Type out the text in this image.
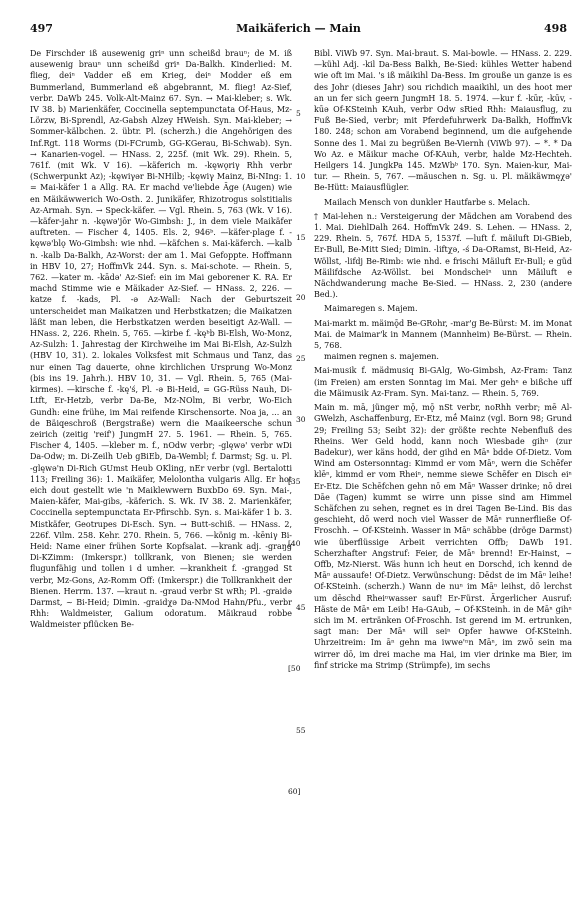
497	Maikäferich — Main	498

De Firschder iß ausewenig griⁿ unn scheißd brauⁿ; de M. iß ausewenig brauⁿ unn scheißd griⁿ Da-Balkh. Kinderlied: M. flieg, deiⁿ Vadder eß em Krieg, deiⁿ Modder eß em Bummerland, Bummerland eß abgebrannt, M. flieg! Az-Sief, verbr. DaWb 245. Volk-Alt-Mainz 67. Syn. → Mai-kleber; s. Wk. IV 38. b) Marienkäfer, Coccinella septempunctata Of-Haus, Mz-Lörzw, Bi-Sprendl, Az-Gabsh Alzey HWeish. Syn. Mai-kleber; → Sommer-kälbchen. 2. übtr. Pl. (scherzh.) die Angehörigen des Inf.Rgt. 118 Worms (Di-FCrumb, GG-KGerau, Bi-Schwab). Syn. → Kanarien-vogel. — HNass. 2, 225f. (mit Wk. 29). Rhein. 5, 761f. (mit Wk. V 16). —käferich m. -kęwǫriγ Rhh verbr (Schwerpunkt Az); -kęwiγǝr Bi-NHilb; -kęwiγ Mainz, Bi-NIng: 1. = Mai-käfer 1 a Allg. RA. Er machd ve'liebde Äge (Augen) wie en Mäikäwwerich Wo-Osth. 2. Junikäfer, Rhizotrogus solstitialis Az-Armah. Syn. → Speck-käfer. — Vgl. Rhein. 5, 763 (Wk. V 16). —käfer-jahr n. -kęwǝ'jōr Wo-Gimbsh: J., in dem viele Maikäfer auftreten. — Fischer 4, 1405. Els. 2, 946ᵇ. —käfer-plage f. -kęwǝ'blǫ Wo-Gimbsh: wie nhd. —käfchen s. Mai-käferch. —kalb n. -kalb Da-Balkh, Az-Worst: der am 1. Mai Gefoppte. Hoffmann in HBV 10, 27; HoffmVk 244. Syn. s. Mai-schote. — Rhein. 5, 762. —kater m. -kādǝ' Az-Sief: ein im Mai geborener K. RA. Er machd Stimme wie e Mäikader Az-Sief. — HNass. 2, 226. —katze f. -kads, Pl. -ǝ Az-Wall: Nach der Geburtszeit unterscheidet man Maikatzen und Herbstkatzen; die Maikatzen läßt man leben, die Herbstkatzen werden beseitigt Az-Wall. — HNass. 2, 226. Rhein. 5, 765. —kirbe f. -kęᵇb Bi-Elsh, Wo-Monz, Az-Sulzh: 1. Jahrestag der Kirchweihe im Mai Bi-Elsh, Az-Sulzh (HBV 10, 31). 2. lokales Volksfest mit Schmaus und Tanz, das nur einen Tag dauerte, ohne kirchlichen Ursprung Wo-Monz (bis ins 19. Jahrh.). HBV 10, 31. — Vgl. Rhein. 5, 765 (Mai-kirmes). —kirsche f. -kę'ś, Pl. -ǝ Bi-Heid, = GG-Rüss Nauh, Di-Ltft, Er-Hetzb, verbr Da-Be, Mz-NOlm, Bi verbr, Wo-Eich Gundh: eine frühe, im Mai reifende Kirschensorte. Noa ja, ... an de Bäiqeschroß (Bergstraße) wern die Maaikeersche schun zeirich (zeitig 'reif') JungmH 27. 5. 1961. — Rhein. 5, 765. Fischer 4, 1405. —kleber m. f., nOdw verbr; -glęwǝ' verbr wDi Da-Odw; m. Di-Zeilh Ueb gBiEb, Da-Wembl; f. Darmst; Sg. u. Pl. -glęwǝ'n Di-Rich GUmst Heub OKling, nEr verbr (vgl. Bertalotti 113; Freiling 36): 1. Maikäfer, Melolontha vulgaris Allg. Er hot eich dout gestellt wie 'n Maiklewwern BuxbDo 69. Syn. Mai-, Maien-käfer, Mai-gibs, -käferich. S. Wk. IV 38. 2. Marienkäfer, Coccinella septempunctata Er-Pfirschb. Syn. s. Mai-käfer 1 b. 3. Mistkäfer, Geotrupes Di-Esch. Syn. → Butt-schiß. — HNass. 2, 226f. Vilm. 258. Kehr. 270. Rhein. 5, 766. —könig m. -kēniγ Bi-Heid: Name einer frühen Sorte Kopfsalat. —krank adj. -graŋg Di-KZimm: (Imkerspr.) tollkrank, von Bienen; sie werden flugunfähig und tollen i d umher. —krankheit f. -graŋgǝd St verbr, Mz-Gons, Az-Romm Off: (Imkerspr.) die Tollkrankheit der Bienen. Herrm. 137. —kraut n. -graud verbr St wRh; Pl. -graidǝ Darmst, ~ Bi-Heid; Dimin. -graidχǝ Da-NMod Hahn/Pfu., verbr Rhh: Waldmeister, Galium odoratum. Mäikraud robbe Waldmeister pflücken Be-

5
10
15
20
25
30
[35
[40
45
[50
55
60]

Bibl. ViWb 97. Syn. Mai-braut. S. Mai-bowle. — HNass. 2. 229. —kühl Adj. -kil Da-Bess Balkh, Be-Sied: kühles Wetter habend wie oft im Mai. 's iß mäikihl Da-Bess. Im grouße un ganze is es des Johr (dieses Jahr) sou richdich maaikihl, un des hoot mer an un fer sich geern JungmH 18. 5. 1974. —kur f. -kūr, -kūv, -kūǝ Of-KSteinh KAuh, verbr Odw sRied Rhh: Maiausflug, zu Fuß Be-Sied, verbr; mit Pferdefuhrwerk Da-Balkh, HoffmVk 180. 248; schon am Vorabend beginnend, um die aufgehende Sonne des 1. Mai zu begrüßen Be-Viernh (ViWb 97). ~ *. * Da Wo Az. e Mäikur mache Of-KAuh, verbr, halde Mz-Hechteh. Heilgers 14. JungkPa 145. MzWbᵇ 170. Syn. Maien-kur, Mai-tur. — Rhein. 5, 767. —mäuschen n. Sg. u. Pl. mäikäwmęχǝ' Be-Hütt: Maiausflügler.

Mailach Mensch von dunkler Hautfarbe s. Melach.

† Mai-lehen n.: Versteigerung der Mädchen am Vorabend des 1. Mai. DiehlDalh 264. HoffmVk 249. S. Lehen. — HNass. 2, 229. Rhein. 5, 767f. HDA 5, 1537f. —luft f. mäiluft Di-GBieb, Er-Bull, Be-Mitt Sied; Dimin. -liftχǝ, -ś Da-ORamst, Bi-Heid, Az-Wöllst, -lifdj Be-Rimb: wie nhd. e frischi Mäiluft Er-Bull; e güd Mäilifdsche Az-Wöllst. bei Mondscheiⁿ unn Mäiluft e Nächdwanderung mache Be-Sied. — HNass. 2, 230 (andere Bed.).

Maimaregen s. Majem.

Mai-markt m. mäimǭd Be-GRohr, -mar'g Be-Bürst: M. im Monat Mai. de Maimar'k in Mannem (Mannheim) Be-Bürst. — Rhein. 5, 768.

maimen regnen s. majemen.

Mai-musik f. mädmusiq Bi-GAlg, Wo-Gimbsh, Az-Fram: Tanz (im Freien) am ersten Sonntag im Mai. Mer gehⁿ e bißche uff die Mäimusik Az-Fram. Syn. Mai-tanz. — Rhein. 5, 769.

Main m. mā, jünger mǭ, mǭ nSt verbr, noRhh verbr; mē Al-GWelzh, Aschaffenburg, Er-Etz, mḗ Mainz (vgl. Born 98; Grund 29; Freiling 53; Seibt 32): der größte rechte Nebenfluß des Rheins. Wer Geld hodd, kann noch Wiesbade gihⁿ (zur Badekur), wer käns hodd, der gihd en Māⁿ bdde Of-Dietz. Vom Wind am Ostersonntag: Kimmd er vom Māⁿ, wern die Schēfer klēⁿ, kimmd er vom Rheiⁿ, nemme siewe Schēfer en Disch eiⁿ Er-Etz. Die Schēfchen gehn nō em Māⁿ Wasser drinke; nō drei Dāe (Tagen) kummt se wirre unn pisse sind am Himmel Schäfchen zu sehen, regnet es in drei Tagen Be-Lind. Bis das geschieht, dō werd noch viel Wasser de Māⁿ runnerfließe Of-Froschh. ~ Of-KSteinh. Wasser in Māⁿ schäbbe (dröge Darmst) wie überflüssige Arbeit verrichten Offb; DaWb 191. Scherzhafter Angstruf: Feier, de Māⁿ brennd! Er-Hainst, ~ Offb, Mz-Nierst. Wäs hunn ich heut en Dorschd, ich kennd de Māⁿ aussaufe! Of-Dietz. Verwünschung: Dēdst de im Māⁿ leihe! Of-KSteinh. (scherzh.) Wann de nuⁿ im Māⁿ leihst, dō lerchst um dēschd Rheiⁿwasser sauf! Er-Fürst. Ärgerlicher Ausruf: Häste de Māⁿ em Leib! Ha-GAub, ~ Of-KSteinh. in de Māⁿ gihⁿ sich im M. ertränken Of-Froschh. Ist gerend im M. ertrunken, sagt man: Der Māⁿ will seiⁿ Opfer hawwe Of-KSteinh. Uhrzeitreim: Im āⁿ gehn ma iwwe'ⁿn Māⁿ, im zwō sein ma wirrer dō, im drei mache ma Hai, im vier drinke ma Bier, im finf stricke ma Strimp (Strümpfe), im sechs
